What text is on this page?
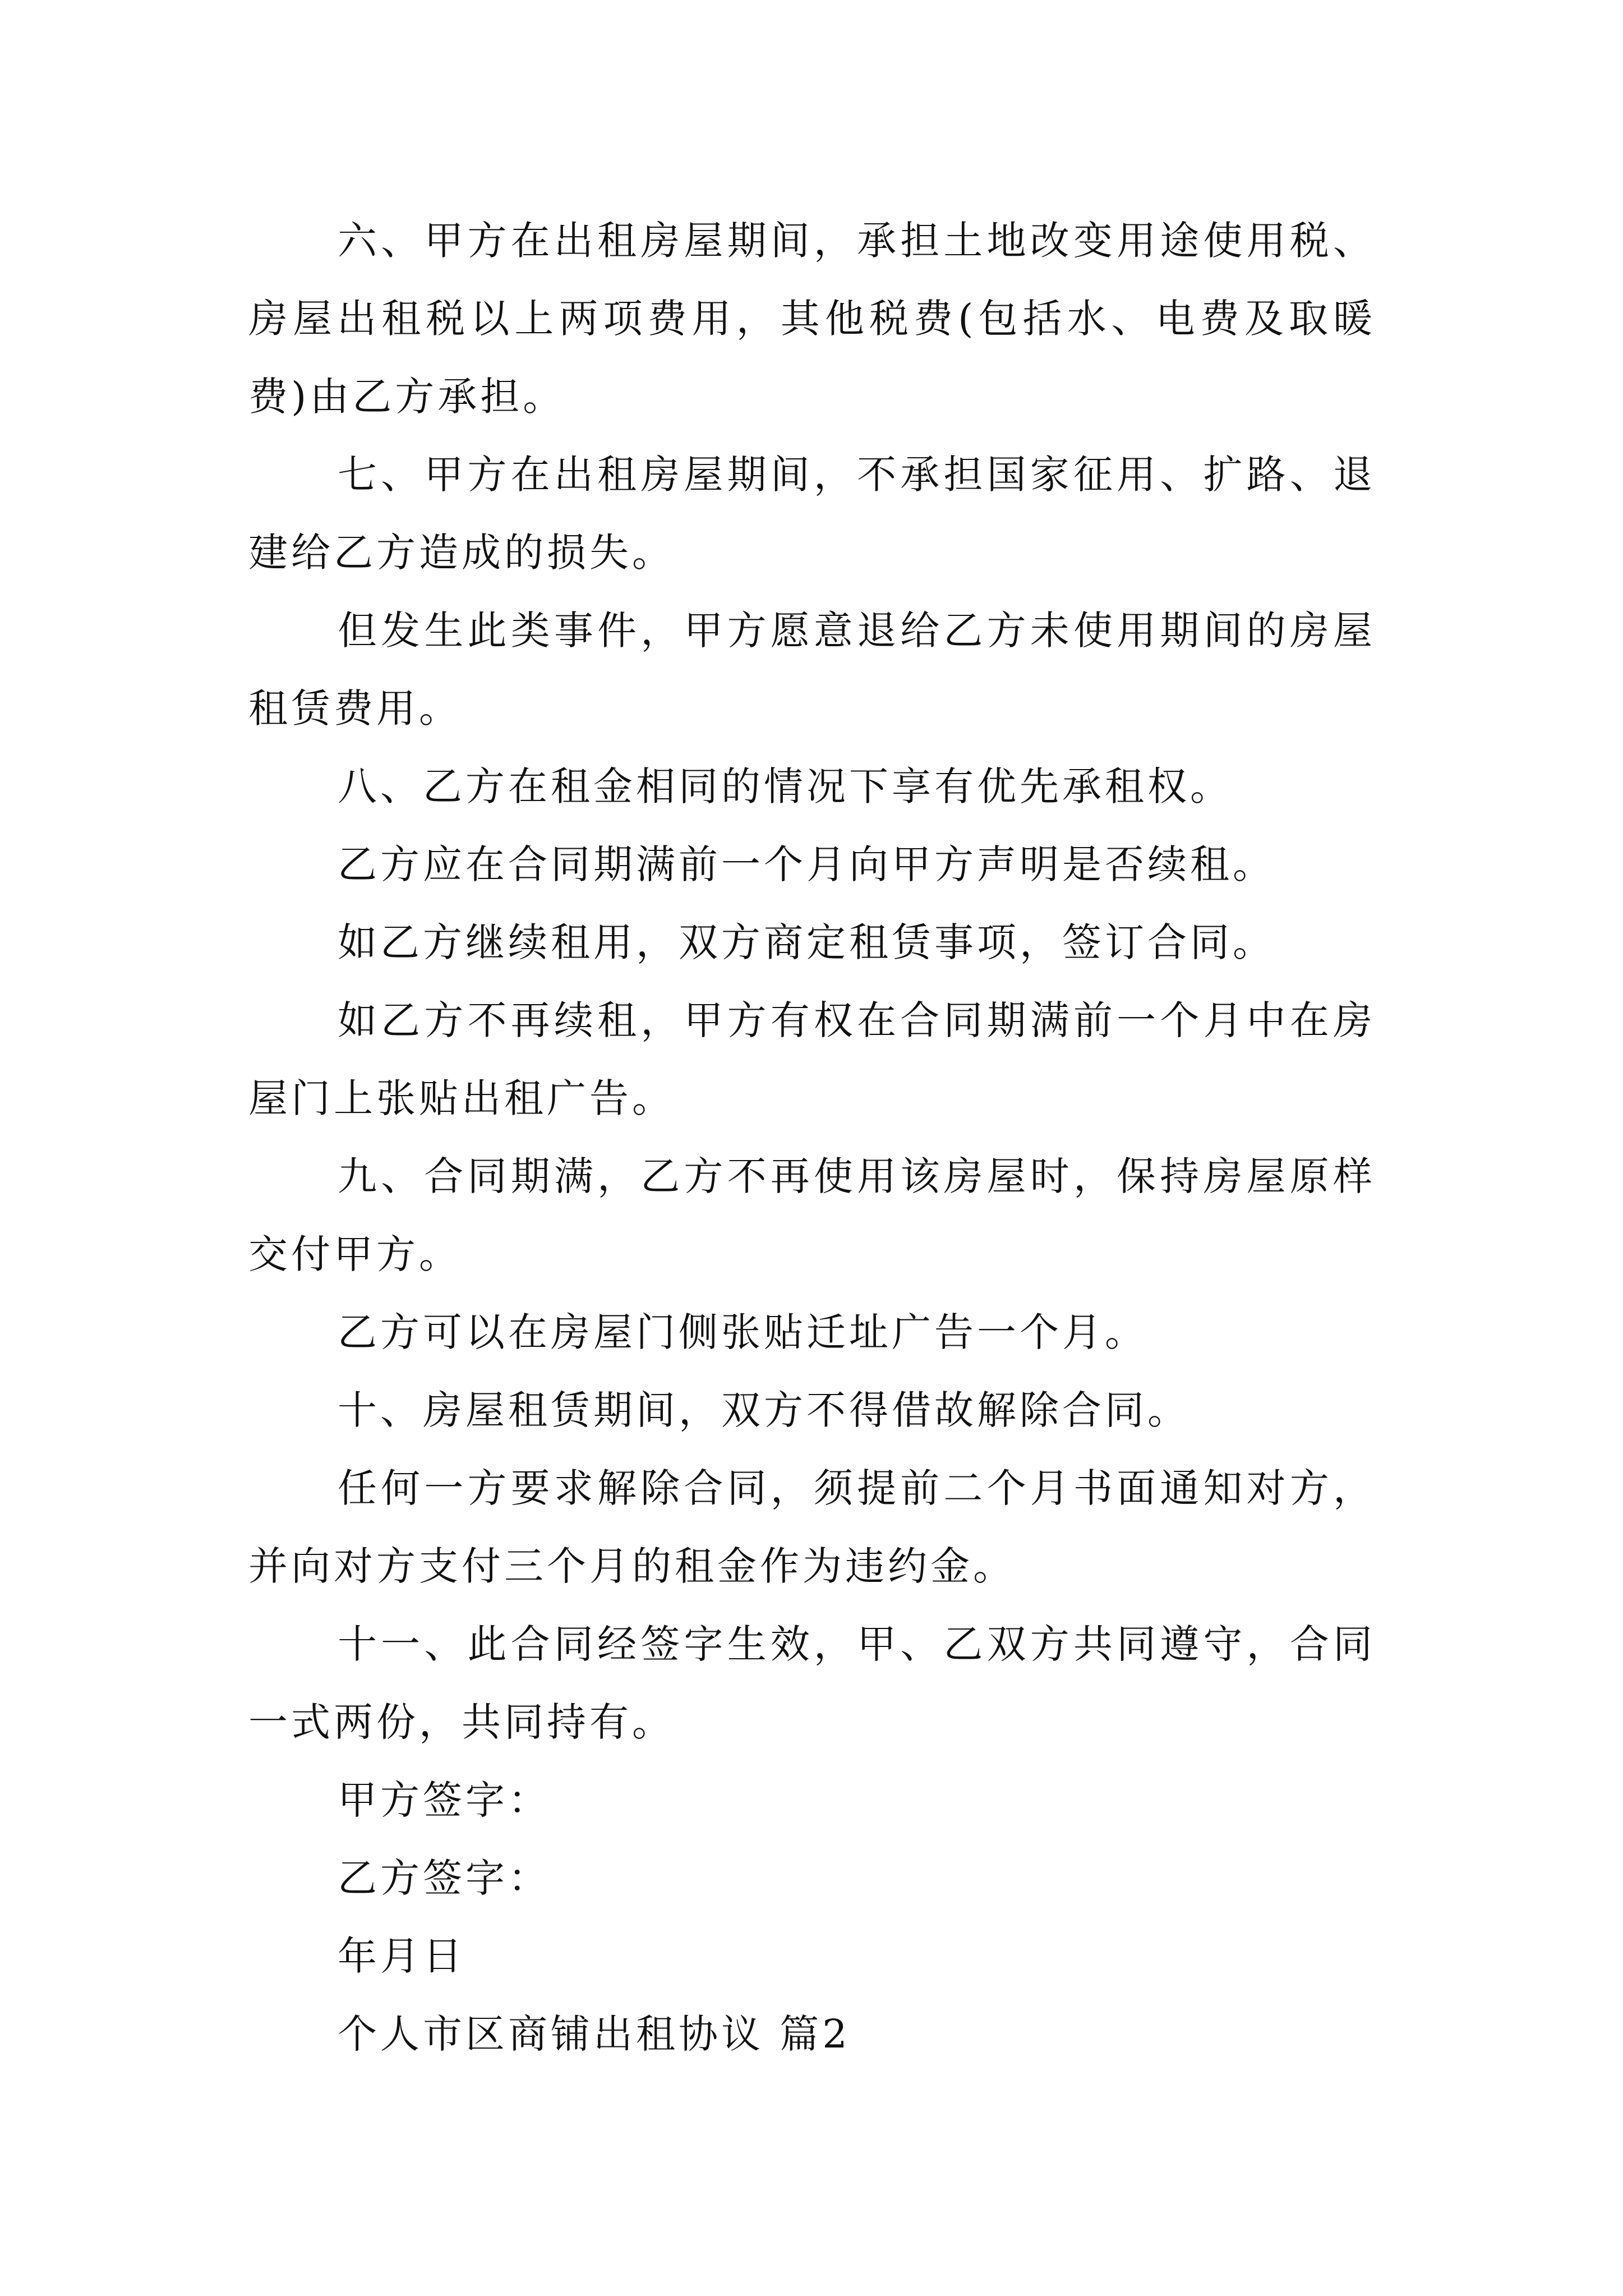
六、甲方在出租房屋期间，承担土地改变用途使用税、房屋出租税以上两项费用，其他税费(包括水、电费及取暖费)由乙方承担。

七、甲方在出租房屋期间，不承担国家征用、扩路、退建给乙方造成的损失。

但发生此类事件，甲方愿意退给乙方未使用期间的房屋租赁费用。

八、乙方在租金相同的情况下享有优先承租权。

乙方应在合同期满前一个月向甲方声明是否续租。

如乙方继续租用，双方商定租赁事项，签订合同。

如乙方不再续租，甲方有权在合同期满前一个月中在房屋门上张贴出租广告。

九、合同期满，乙方不再使用该房屋时，保持房屋原样交付甲方。

乙方可以在房屋门侧张贴迁址广告一个月。

十、房屋租赁期间，双方不得借故解除合同。

任何一方要求解除合同，须提前二个月书面通知对方，并向对方支付三个月的租金作为违约金。

十一、此合同经签字生效，甲、乙双方共同遵守，合同一式两份，共同持有。

甲方签字：

乙方签字：

年月日

个人市区商铺出租协议 篇2
